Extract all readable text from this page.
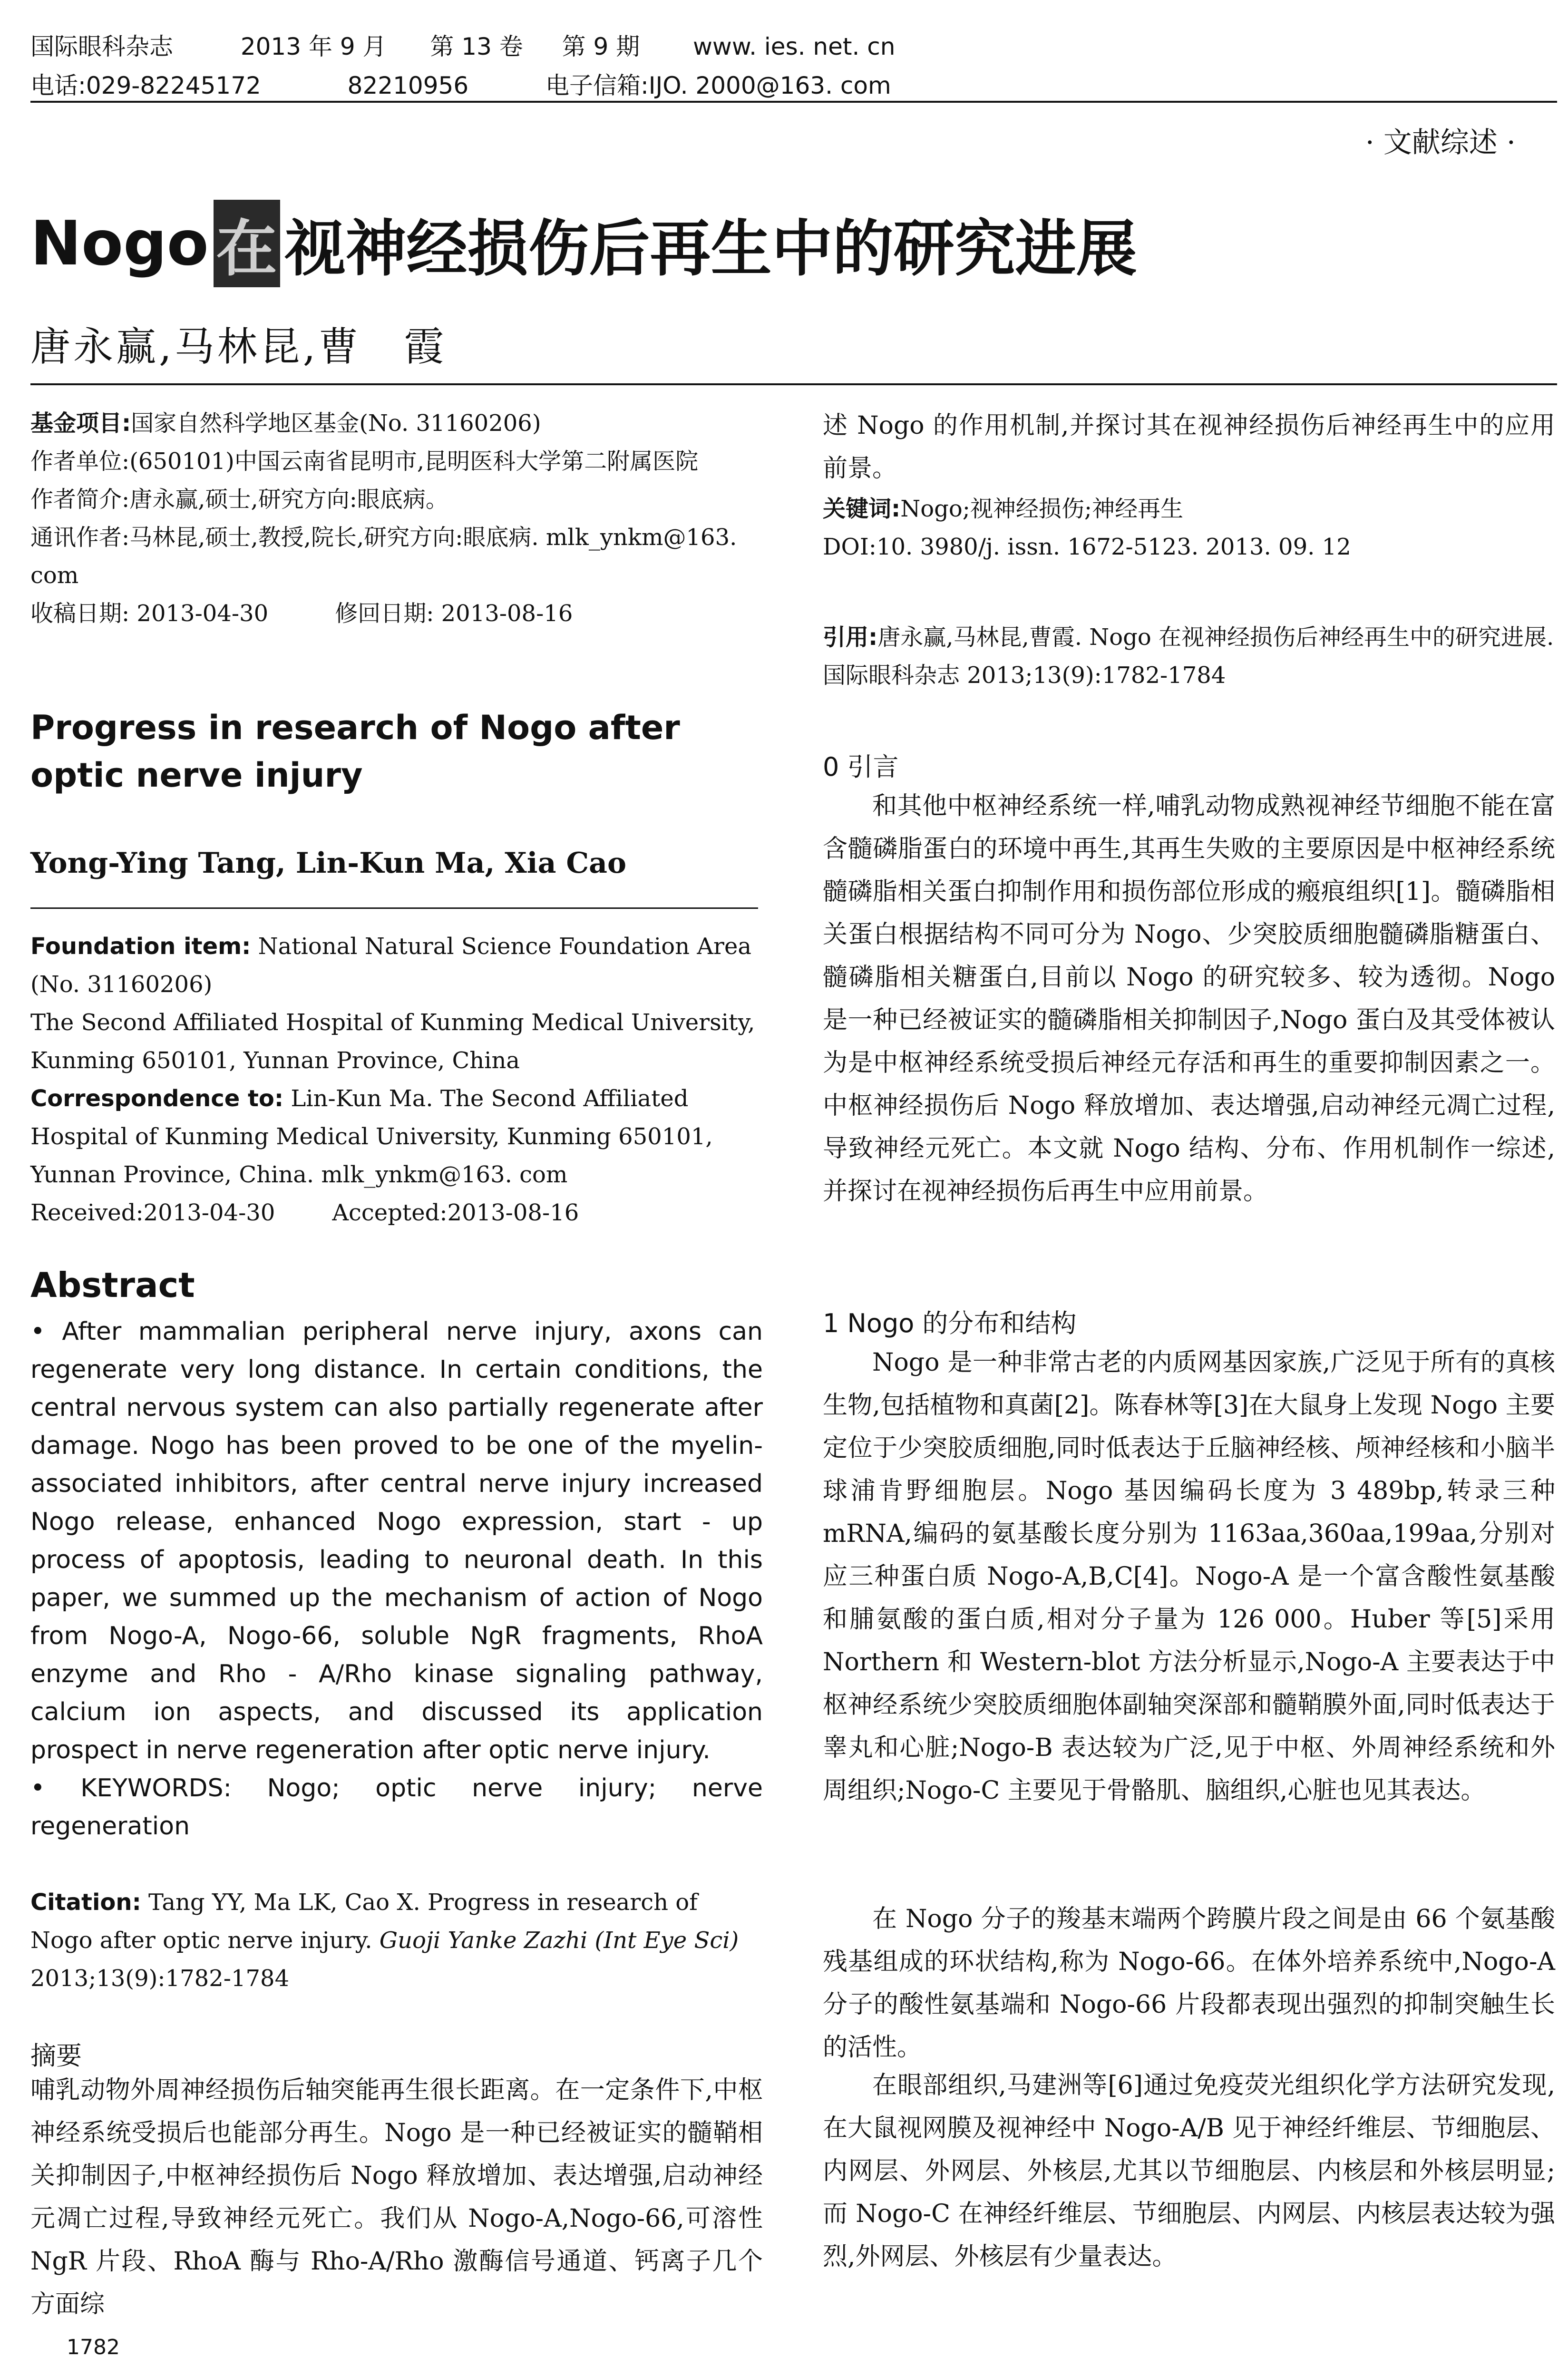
国际眼科杂志	2013 年 9 月 第 13 卷 第 9 期 www. ies. net. cn
电话:029-82245172	82210956	电子信箱:IJO. 2000@163. com
· 文献综述 ·
Nogo 在 视神经损伤后再生中的研究进展
唐永赢,马林昆,曹　霞
基金项目:国家自然科学地区基金(No. 31160206)
作者单位:(650101)中国云南省昆明市,昆明医科大学第二附属医院
作者简介:唐永赢,硕士,研究方向:眼底病。
通讯作者:马林昆,硕士,教授,院长,研究方向:眼底病. mlk_ynkm@163. com
收稿日期: 2013-04-30	修回日期: 2013-08-16
Progress in research of Nogo after optic nerve injury
Yong-Ying Tang, Lin-Kun Ma, Xia Cao
Foundation item: National Natural Science Foundation Area (No. 31160206)
The Second Affiliated Hospital of Kunming Medical University, Kunming 650101, Yunnan Province, China
Correspondence to: Lin-Kun Ma. The Second Affiliated Hospital of Kunming Medical University, Kunming 650101, Yunnan Province, China. mlk_ynkm@163. com
Received:2013-04-30	Accepted:2013-08-16
Abstract
• After mammalian peripheral nerve injury, axons can regenerate very long distance. In certain conditions, the central nervous system can also partially regenerate after damage. Nogo has been proved to be one of the myelin-associated inhibitors, after central nerve injury increased Nogo release, enhanced Nogo expression, start - up process of apoptosis, leading to neuronal death. In this paper, we summed up the mechanism of action of Nogo from Nogo-A, Nogo-66, soluble NgR fragments, RhoA enzyme and Rho - A/Rho kinase signaling pathway, calcium ion aspects, and discussed its application prospect in nerve regeneration after optic nerve injury.
• KEYWORDS: Nogo; optic nerve injury; nerve regeneration
Citation: Tang YY, Ma LK, Cao X. Progress in research of Nogo after optic nerve injury. Guoji Yanke Zazhi (Int Eye Sci) 2013;13(9):1782-1784
摘要
哺乳动物外周神经损伤后轴突能再生很长距离。在一定条件下,中枢神经系统受损后也能部分再生。Nogo 是一种已经被证实的髓鞘相关抑制因子,中枢神经损伤后 Nogo 释放增加、表达增强,启动神经元凋亡过程,导致神经元死亡。我们从 Nogo-A,Nogo-66,可溶性 NgR 片段、RhoA 酶与 Rho-A/Rho 激酶信号通道、钙离子几个方面综
述 Nogo 的作用机制,并探讨其在视神经损伤后神经再生中的应用前景。
关键词:Nogo;视神经损伤;神经再生
DOI:10. 3980/j. issn. 1672-5123. 2013. 09. 12
引用:唐永赢,马林昆,曹霞. Nogo 在视神经损伤后神经再生中的研究进展. 国际眼科杂志 2013;13(9):1782-1784
0 引言
和其他中枢神经系统一样,哺乳动物成熟视神经节细胞不能在富含髓磷脂蛋白的环境中再生,其再生失败的主要原因是中枢神经系统髓磷脂相关蛋白抑制作用和损伤部位形成的瘢痕组织[1]。髓磷脂相关蛋白根据结构不同可分为 Nogo、少突胶质细胞髓磷脂糖蛋白、髓磷脂相关糖蛋白,目前以 Nogo 的研究较多、较为透彻。Nogo 是一种已经被证实的髓磷脂相关抑制因子,Nogo 蛋白及其受体被认为是中枢神经系统受损后神经元存活和再生的重要抑制因素之一。中枢神经损伤后 Nogo 释放增加、表达增强,启动神经元凋亡过程,导致神经元死亡。本文就 Nogo 结构、分布、作用机制作一综述,并探讨在视神经损伤后再生中应用前景。
1 Nogo 的分布和结构
Nogo 是一种非常古老的内质网基因家族,广泛见于所有的真核生物,包括植物和真菌[2]。陈春林等[3]在大鼠身上发现 Nogo 主要定位于少突胶质细胞,同时低表达于丘脑神经核、颅神经核和小脑半球浦肯野细胞层。Nogo 基因编码长度为 3 489bp,转录三种 mRNA,编码的氨基酸长度分别为 1163aa,360aa,199aa,分别对应三种蛋白质 Nogo-A,B,C[4]。Nogo-A 是一个富含酸性氨基酸和脯氨酸的蛋白质,相对分子量为 126 000。Huber 等[5]采用 Northern 和 Western-blot 方法分析显示,Nogo-A 主要表达于中枢神经系统少突胶质细胞体副轴突深部和髓鞘膜外面,同时低表达于睾丸和心脏;Nogo-B 表达较为广泛,见于中枢、外周神经系统和外周组织;Nogo-C 主要见于骨骼肌、脑组织,心脏也见其表达。
在 Nogo 分子的羧基末端两个跨膜片段之间是由 66 个氨基酸残基组成的环状结构,称为 Nogo-66。在体外培养系统中,Nogo-A 分子的酸性氨基端和 Nogo-66 片段都表现出强烈的抑制突触生长的活性。
在眼部组织,马建洲等[6]通过免疫荧光组织化学方法研究发现,在大鼠视网膜及视神经中 Nogo-A/B 见于神经纤维层、节细胞层、内网层、外网层、外核层,尤其以节细胞层、内核层和外核层明显;而 Nogo-C 在神经纤维层、节细胞层、内网层、内核层表达较为强烈,外网层、外核层有少量表达。
1782
